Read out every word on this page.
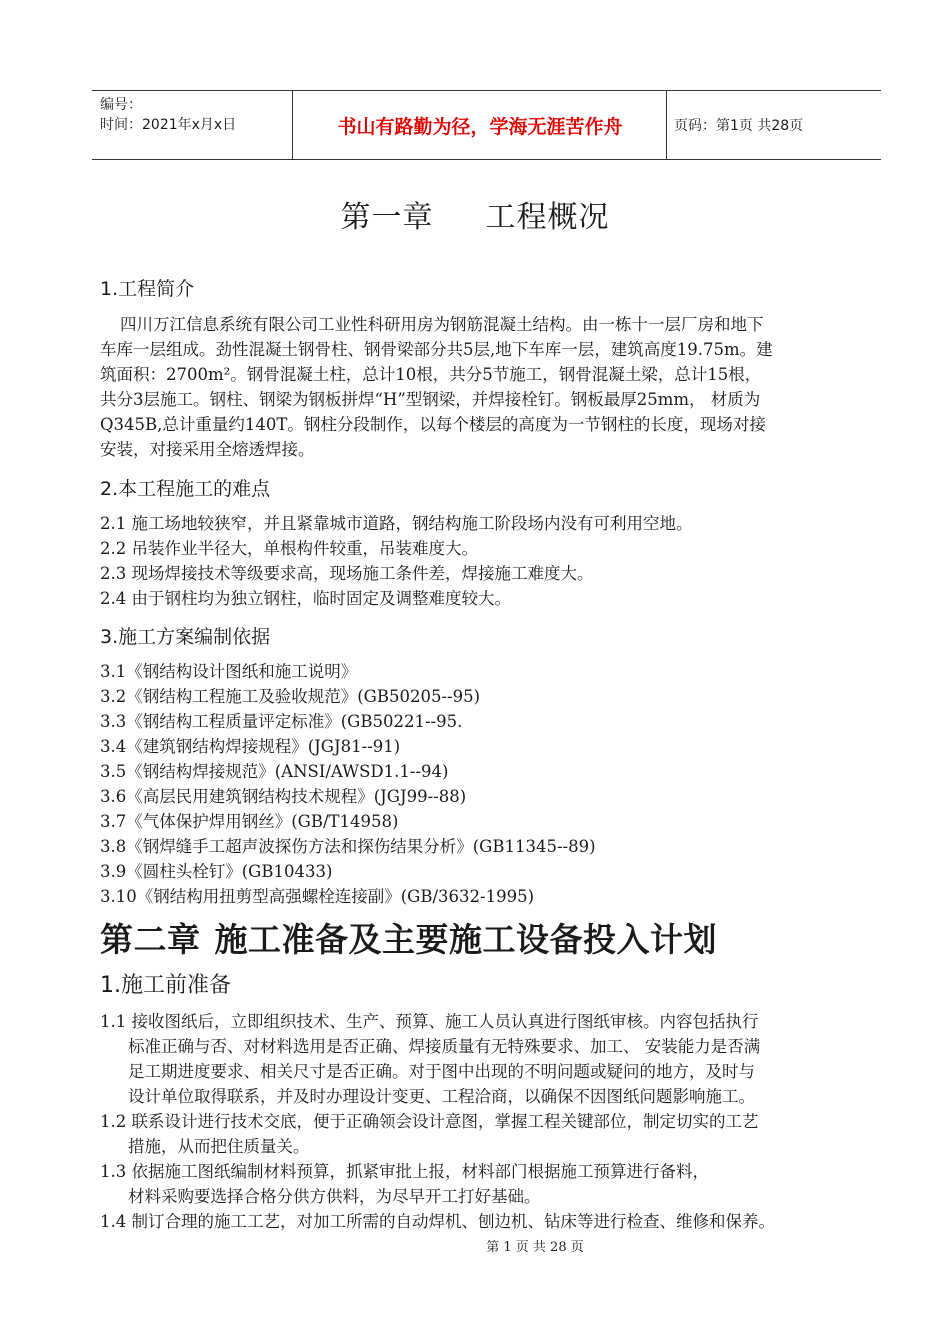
编号：
时间：2021年x月x日	书山有路勤为径，学海无涯苦作舟	页码：第1页 共28页
第一章 工程概况
1.工程简介
四川万江信息系统有限公司工业性科研用房为钢筋混凝土结构。由一栋十一层厂房和地下
车库一层组成。劲性混凝土钢骨柱、钢骨梁部分共5层,地下车库一层，建筑高度19.75m。建
筑面积：2700m²。钢骨混凝土柱，总计10根，共分5节施工，钢骨混凝土梁，总计15根，
共分3层施工。钢柱、钢梁为钢板拼焊“H”型钢梁，并焊接栓钉。钢板最厚25mm， 材质为
Q345B,总计重量约140T。钢柱分段制作，以每个楼层的高度为一节钢柱的长度，现场对接
安装，对接采用全熔透焊接。
2.本工程施工的难点
2.1 施工场地较狭窄，并且紧靠城市道路，钢结构施工阶段场内没有可利用空地。
2.2 吊装作业半径大，单根构件较重，吊装难度大。
2.3 现场焊接技术等级要求高，现场施工条件差，焊接施工难度大。
2.4 由于钢柱均为独立钢柱，临时固定及调整难度较大。
3.施工方案编制依据
3.1《钢结构设计图纸和施工说明》
3.2《钢结构工程施工及验收规范》(GB50205--95)
3.3《钢结构工程质量评定标准》(GB50221--95.
3.4《建筑钢结构焊接规程》(JGJ81--91)
3.5《钢结构焊接规范》(ANSI/AWSD1.1--94)
3.6《高层民用建筑钢结构技术规程》(JGJ99--88)
3.7《气体保护焊用钢丝》(GB/T14958)
3.8《钢焊缝手工超声波探伤方法和探伤结果分析》(GB11345--89)
3.9《圆柱头栓钉》(GB10433)
3.10《钢结构用扭剪型高强螺栓连接副》(GB/3632-1995)
第二章 施工准备及主要施工设备投入计划
1.施工前准备
1.1 接收图纸后，立即组织技术、生产、预算、施工人员认真进行图纸审核。内容包括执行
标准正确与否、对材料选用是否正确、焊接质量有无特殊要求、加工、 安装能力是否满
足工期进度要求、相关尺寸是否正确。对于图中出现的不明问题或疑问的地方，及时与
设计单位取得联系，并及时办理设计变更、工程洽商，以确保不因图纸问题影响施工。
1.2 联系设计进行技术交底，便于正确领会设计意图，掌握工程关键部位，制定切实的工艺
措施，从而把住质量关。
1.3 依据施工图纸编制材料预算，抓紧审批上报，材料部门根据施工预算进行备料，
材料采购要选择合格分供方供料，为尽早开工打好基础。
1.4 制订合理的施工工艺，对加工所需的自动焊机、刨边机、钻床等进行检查、维修和保养。
第 1 页 共 28 页
